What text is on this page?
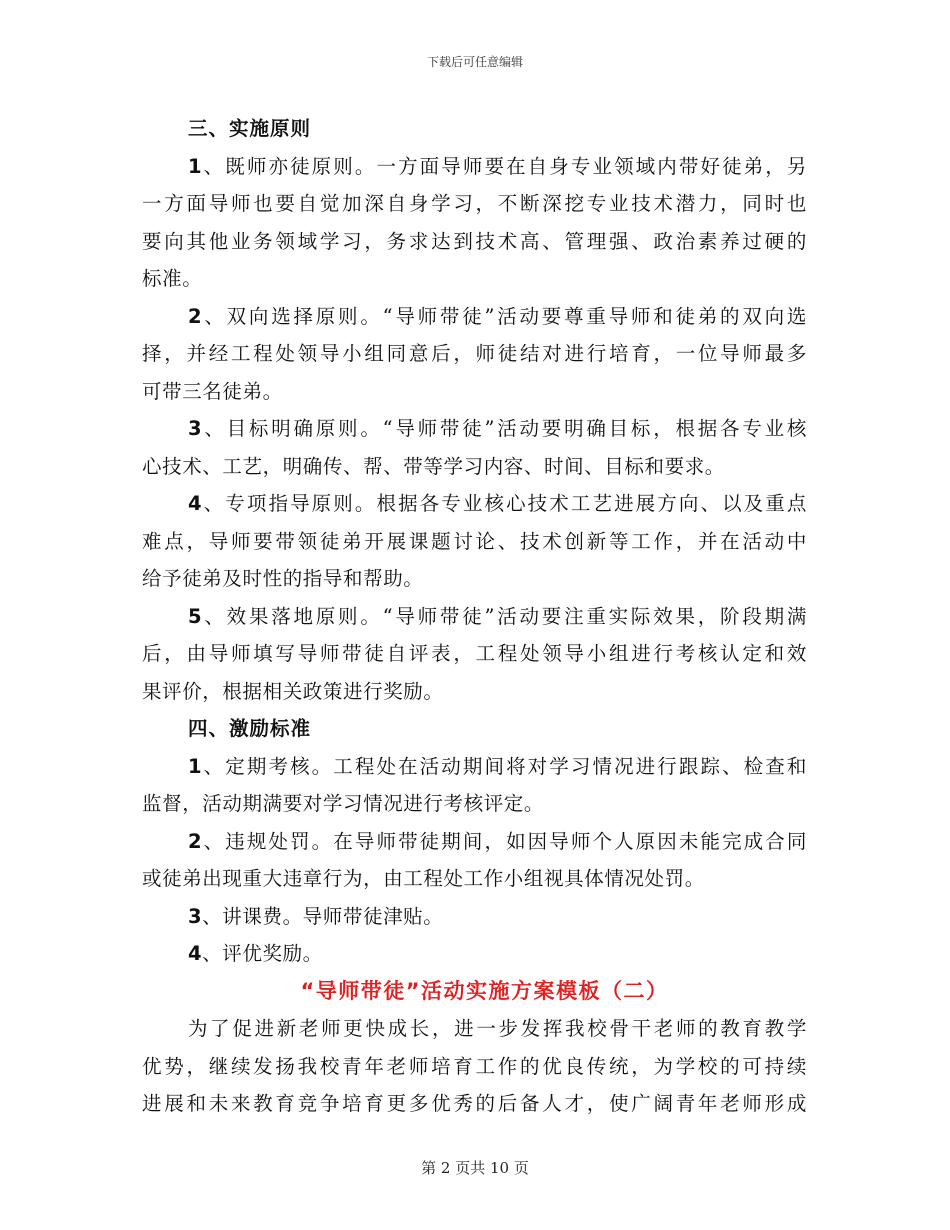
下载后可任意编辑
三、实施原则
1、既师亦徒原则。一方面导师要在自身专业领域内带好徒弟，另
一方面导师也要自觉加深自身学习，不断深挖专业技术潜力，同时也
要向其他业务领域学习，务求达到技术高、管理强、政治素养过硬的
标准。
2、双向选择原则。“导师带徒”活动要尊重导师和徒弟的双向选
择，并经工程处领导小组同意后，师徒结对进行培育，一位导师最多
可带三名徒弟。
3、目标明确原则。“导师带徒”活动要明确目标，根据各专业核
心技术、工艺，明确传、帮、带等学习内容、时间、目标和要求。
4、专项指导原则。根据各专业核心技术工艺进展方向、以及重点
难点，导师要带领徒弟开展课题讨论、技术创新等工作，并在活动中
给予徒弟及时性的指导和帮助。
5、效果落地原则。“导师带徒”活动要注重实际效果，阶段期满
后，由导师填写导师带徒自评表，工程处领导小组进行考核认定和效
果评价，根据相关政策进行奖励。
四、激励标准
1、定期考核。工程处在活动期间将对学习情况进行跟踪、检查和
监督，活动期满要对学习情况进行考核评定。
2、违规处罚。在导师带徒期间，如因导师个人原因未能完成合同
或徒弟出现重大违章行为，由工程处工作小组视具体情况处罚。
3、讲课费。导师带徒津贴。
4、评优奖励。
“导师带徒”活动实施方案模板（二）
为了促进新老师更快成长，进一步发挥我校骨干老师的教育教学
优势，继续发扬我校青年老师培育工作的优良传统，为学校的可持续
进展和未来教育竞争培育更多优秀的后备人才，使广阔青年老师形成
第 2 页共 10 页
